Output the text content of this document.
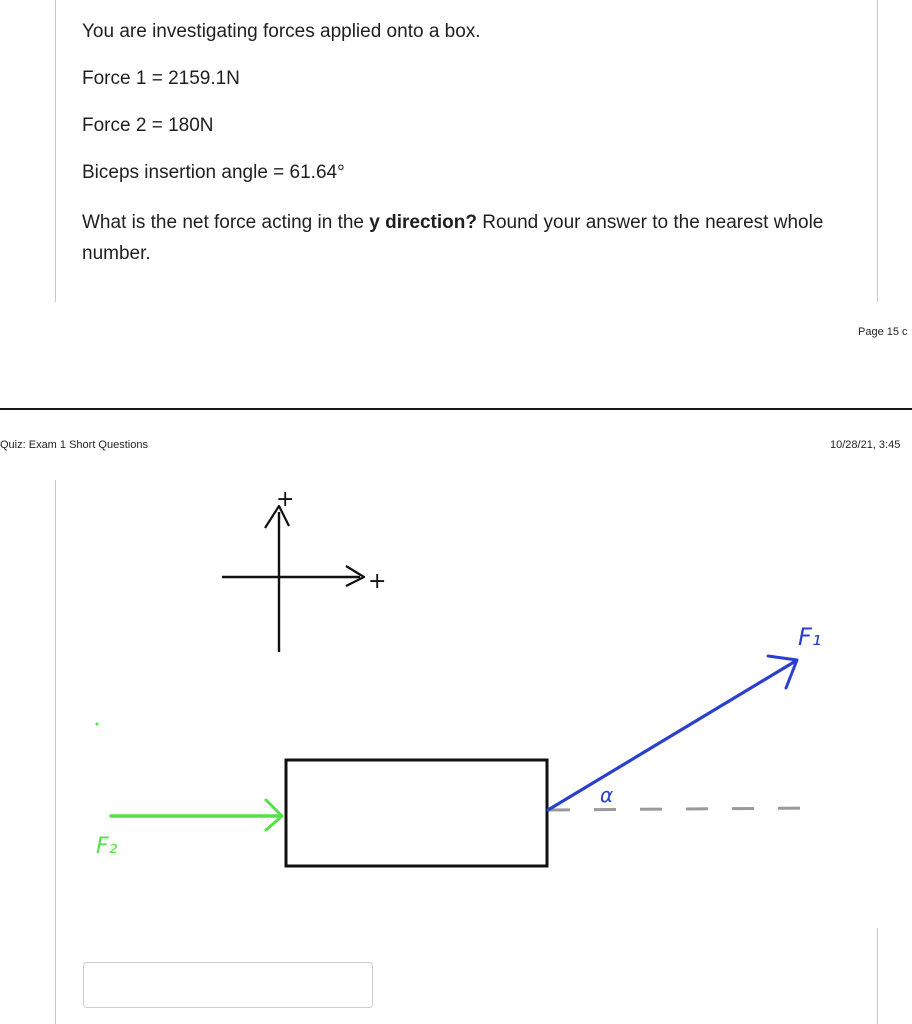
You are investigating forces applied onto a box.
Force 1 = 2159.1N
Force 2 = 180N
Biceps insertion angle = 61.64°
What is the net force acting in the y direction? Round your answer to the nearest whole number.
Page 15 c
Quiz: Exam 1 Short Questions	10/28/21, 3:45
+
+
F₁
α
F₂
